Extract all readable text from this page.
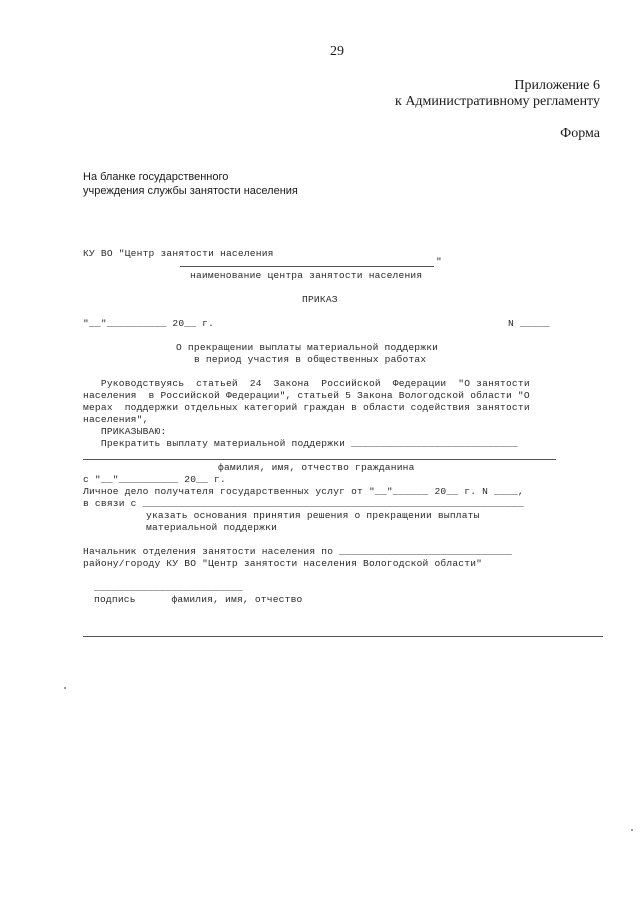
29
Приложение 6
к Административному регламенту
Форма
На бланке государственного
учреждения службы занятости населения
КУ ВО "Центр занятости населения
"
наименование центра занятости населения
ПРИКАЗ
"__"__________ 20__ г.	N _____
О прекращении выплаты материальной поддержки
в период участия в общественных работах
Руководствуясь  статьей  24  Закона  Российской  Федерации  "О занятости
населения  в Российской Федерации", статьей 5 Закона Вологодской области "О
мерах  поддержки отдельных категорий граждан в области содействия занятости
населения",
ПРИКАЗЫВАЮ:
Прекратить выплату материальной поддержки ____________________________
фамилия, имя, отчество гражданина
с "__"__________ 20__ г.
Личное дело получателя государственных услуг от "__"______ 20__ г. N ____,
в связи с ________________________________________________________________
указать основания принятия решения о прекращении выплаты
материальной поддержки
Начальник отделения занятости населения по _____________________________
району/городу КУ ВО "Центр занятости населения Вологодской области"
_________________________
подпись      фамилия, имя, отчество
